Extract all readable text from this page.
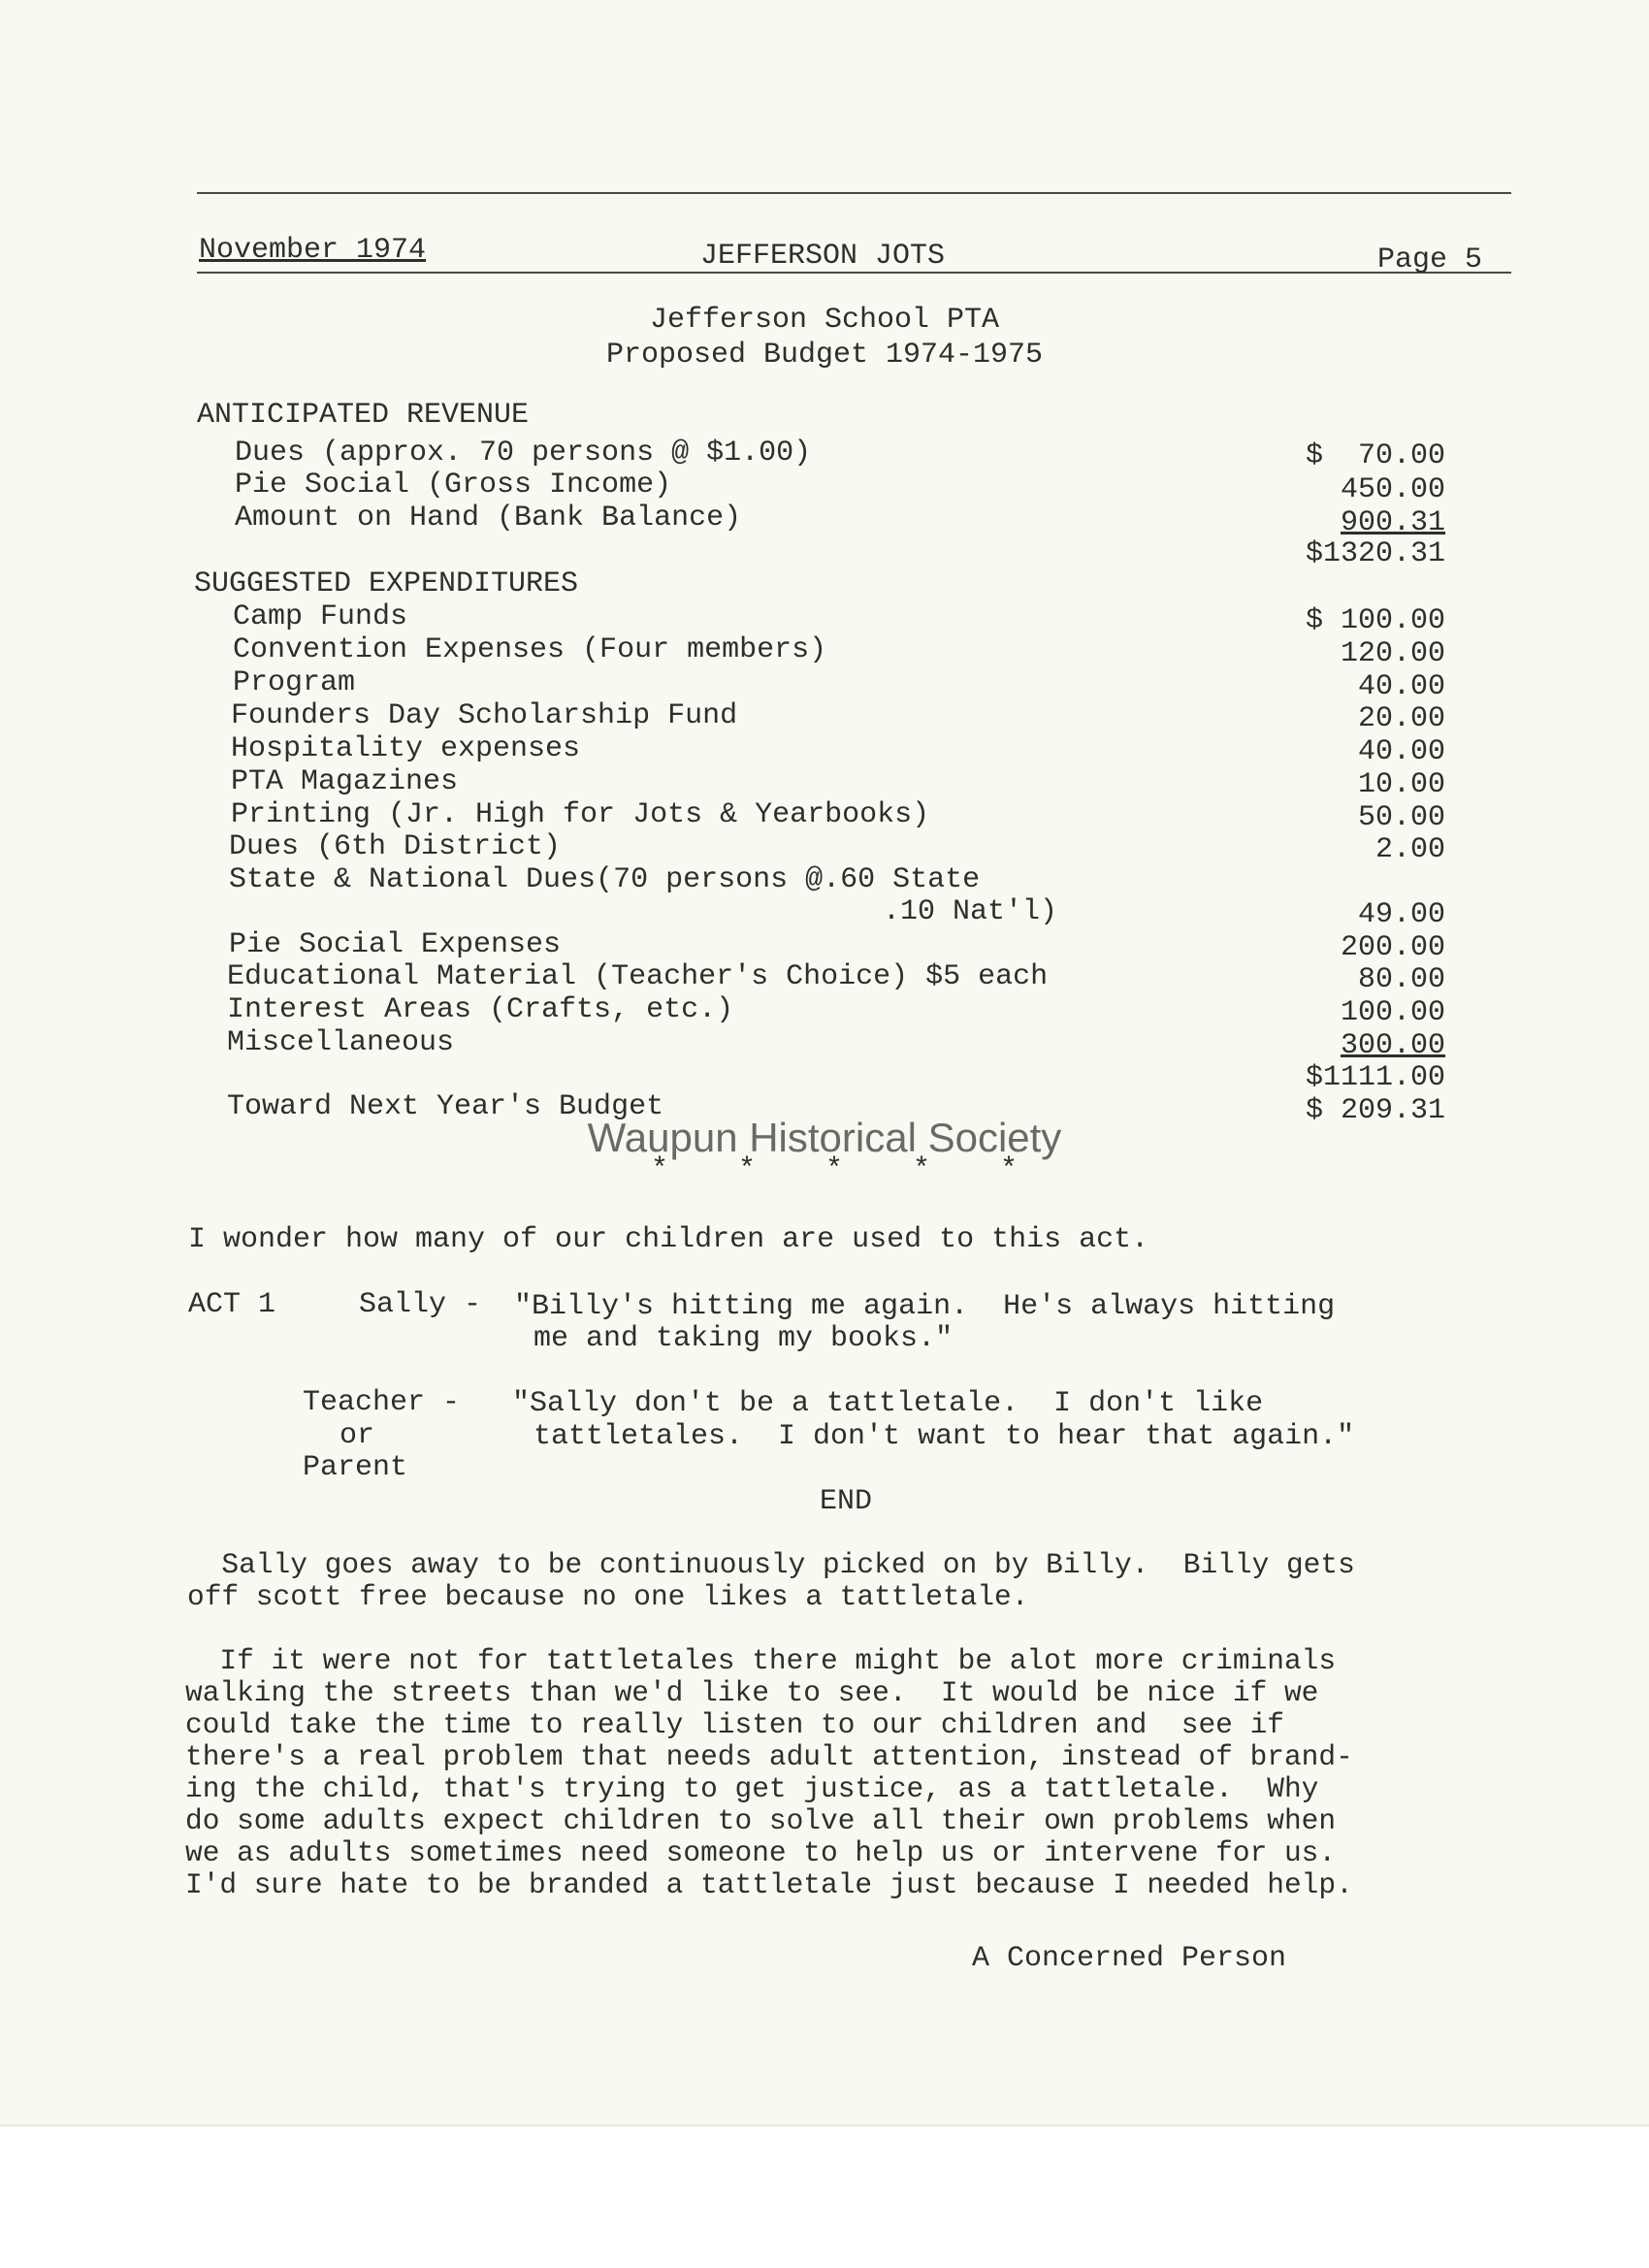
November 1974	JEFFERSON JOTS	Page 5
Jefferson School PTA
Proposed Budget 1974-1975
ANTICIPATED REVENUE
Dues (approx. 70 persons @ $1.00)	$  70.00
Pie Social (Gross Income)	450.00
Amount on Hand (Bank Balance)	900.31
$1320.31
SUGGESTED EXPENDITURES
Camp Funds	$ 100.00
Convention Expenses (Four members)	120.00
Program	40.00
Founders Day Scholarship Fund	20.00
Hospitality expenses	40.00
PTA Magazines	10.00
Printing (Jr. High for Jots & Yearbooks)	50.00
Dues (6th District)	2.00
State & National Dues(70 persons @.60 State
.10 Nat'l)	49.00
Pie Social Expenses	200.00
Educational Material (Teacher's Choice) $5 each	80.00
Interest Areas (Crafts, etc.)	100.00
Miscellaneous	300.00
$1111.00
Toward Next Year's Budget	$ 209.31
Waupun Historical Society
*    *    *    *    *
I wonder how many of our children are used to this act.
ACT 1	Sally - "Billy's hitting me again.  He's always hitting
me and taking my books."
Teacher -
or
Parent
"Sally don't be a tattletale.  I don't like
tattletales.  I don't want to hear that again."
END
Sally goes away to be continuously picked on by Billy.  Billy gets
off scott free because no one likes a tattletale.
If it were not for tattletales there might be alot more criminals
walking the streets than we'd like to see.  It would be nice if we
could take the time to really listen to our children and  see if
there's a real problem that needs adult attention, instead of brand-
ing the child, that's trying to get justice, as a tattletale.  Why
do some adults expect children to solve all their own problems when
we as adults sometimes need someone to help us or intervene for us.
I'd sure hate to be branded a tattletale just because I needed help.
A Concerned Person
